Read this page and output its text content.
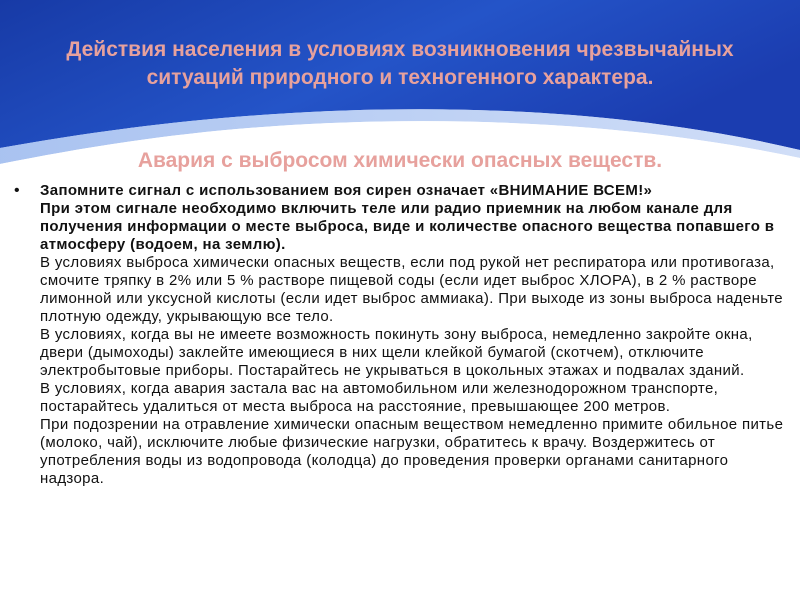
Действия населения в условиях возникновения чрезвычайных ситуаций природного и техногенного характера.
Авария с выбросом химически опасных веществ.
• Запомните сигнал с использованием воя сирен означает «ВНИМАНИЕ ВСЕМ!»

При этом сигнале необходимо включить теле или радио приемник на любом канале для получения информации о месте выброса, виде и количестве опасного вещества попавшего в атмосферу (водоем, на землю).

В условиях выброса химически опасных веществ, если под рукой нет респиратора или противогаза, смочите тряпку в 2% или 5 % растворе пищевой соды (если идет выброс ХЛОРА), в 2 % растворе лимонной или уксусной кислоты (если идет выброс аммиака). При выходе из зоны выброса наденьте плотную одежду, укрывающую все тело.

В условиях, когда вы не имеете возможность покинуть зону выброса, немедленно закройте окна, двери (дымоходы) заклейте имеющиеся в них щели клейкой бумагой (скотчем), отключите электробытовые приборы. Постарайтесь не укрываться в цокольных этажах и подвалах зданий.

В условиях, когда авария застала вас на автомобильном или железнодорожном транспорте, постарайтесь удалиться от места выброса на расстояние, превышающее 200 метров.

При подозрении на отравление химически опасным веществом немедленно примите обильное питье (молоко, чай), исключите любые физические нагрузки, обратитесь к врачу. Воздержитесь от употребления воды из водопровода (колодца) до проведения проверки органами санитарного надзора.
